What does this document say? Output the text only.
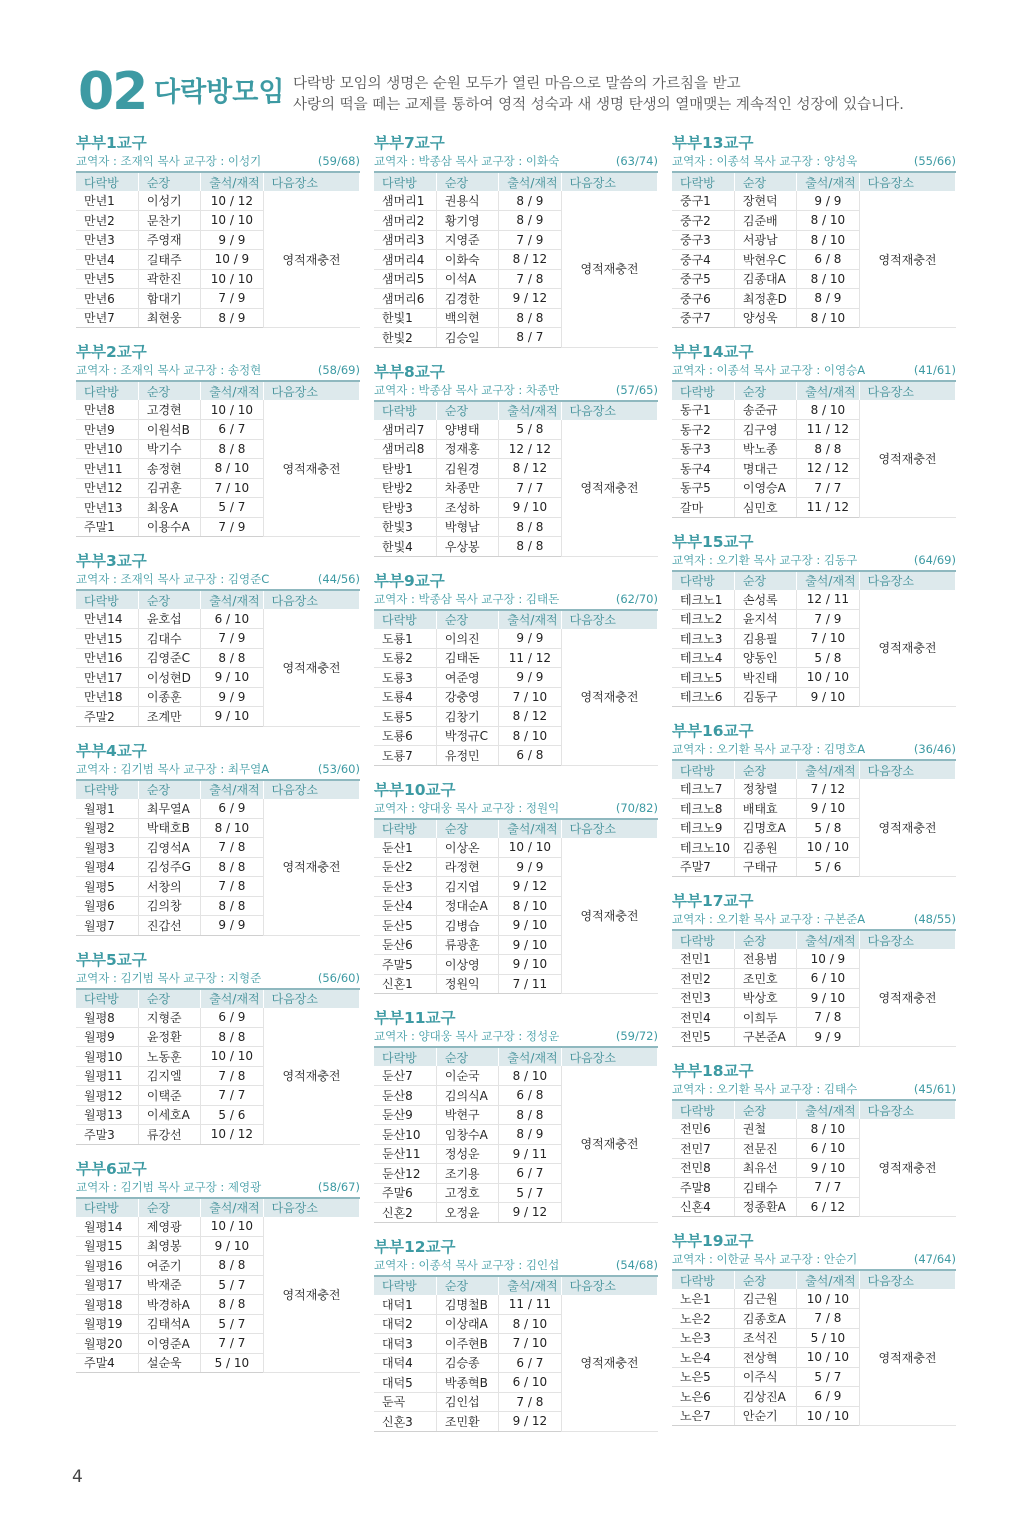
02 다락방모임 다락방 모임의 생명은 순원 모두가 열린 마음으로 말씀의 가르침을 받고
사랑의 떡을 떼는 교제를 통하여 영적 성숙과 새 생명 탄생의 열매맺는 계속적인 성장에 있습니다.
부부1교구
교역자 : 조재익 목사 교구장 : 이성기	(59/68)
다락방	순장	출석/재적	다음장소
만년1	이성기	10 / 12	영적재충전
만년2	문찬기	10 / 10	
만년3	주영재	9 / 9	
만년4	길태주	10 / 9	
만년5	곽한진	10 / 10	
만년6	함대기	7 / 9	
만년7	최현웅	8 / 9	
부부2교구
교역자 : 조재익 목사 교구장 : 송정현	(58/69)
다락방	순장	출석/재적	다음장소
만년8	고경현	10 / 10	영적재충전
만년9	이원석B	6 / 7	
만년10	박기수	8 / 8	
만년11	송정현	8 / 10	
만년12	김귀훈	7 / 10	
만년13	최웅A	5 / 7	
주말1	이용수A	7 / 9	
부부3교구
교역자 : 조재익 목사 교구장 : 김영준C	(44/56)
다락방	순장	출석/재적	다음장소
만년14	윤호섭	6 / 10	영적재충전
만년15	김대수	7 / 9	
만년16	김영준C	8 / 8	
만년17	이성현D	9 / 10	
만년18	이종훈	9 / 9	
주말2	조계만	9 / 10	
부부4교구
교역자 : 김기범 목사 교구장 : 최무열A	(53/60)
다락방	순장	출석/재적	다음장소
월평1	최무열A	6 / 9	영적재충전
월평2	박태호B	8 / 10	
월평3	김영석A	7 / 8	
월평4	김성주G	8 / 8	
월평5	서창의	7 / 8	
월평6	김의창	8 / 8	
월평7	진갑선	9 / 9	
부부5교구
교역자 : 김기범 목사 교구장 : 지형준	(56/60)
다락방	순장	출석/재적	다음장소
월평8	지형준	6 / 9	영적재충전
월평9	윤정환	8 / 8	
월평10	노동훈	10 / 10	
월평11	김지엘	7 / 8	
월평12	이택준	7 / 7	
월평13	이세호A	5 / 6	
주말3	류강선	10 / 12	
부부6교구
교역자 : 김기범 목사 교구장 : 제영광	(58/67)
다락방	순장	출석/재적	다음장소
월평14	제영광	10 / 10	영적재충전
월평15	최영봉	9 / 10	
월평16	여준기	8 / 8	
월평17	박재준	5 / 7	
월평18	박경하A	8 / 8	
월평19	김태석A	5 / 7	
월평20	이영준A	7 / 7	
주말4	설순욱	5 / 10	
부부7교구
교역자 : 박종삼 목사 교구장 : 이화숙	(63/74)
다락방	순장	출석/재적	다음장소
샘머리1	권용식	8 / 9	영적재충전
샘머리2	황기영	8 / 9	
샘머리3	지영준	7 / 9	
샘머리4	이화숙	8 / 12	
샘머리5	이석A	7 / 8	
샘머리6	김경한	9 / 12	
한빛1	백의현	8 / 8	
한빛2	김승일	8 / 7	
부부8교구
교역자 : 박종삼 목사 교구장 : 차종만	(57/65)
다락방	순장	출석/재적	다음장소
샘머리7	양병태	5 / 8	영적재충전
샘머리8	정재홍	12 / 12	
탄방1	김원경	8 / 12	
탄방2	차종만	7 / 7	
탄방3	조성하	9 / 10	
한빛3	박형남	8 / 8	
한빛4	우상봉	8 / 8	
부부9교구
교역자 : 박종삼 목사 교구장 : 김태돈	(62/70)
다락방	순장	출석/재적	다음장소
도룡1	이의진	9 / 9	영적재충전
도룡2	김태돈	11 / 12	
도룡3	여준영	9 / 9	
도룡4	강충영	7 / 10	
도룡5	김창기	8 / 12	
도룡6	박정규C	8 / 10	
도룡7	유정민	6 / 8	
부부10교구
교역자 : 양대웅 목사 교구장 : 정원익	(70/82)
다락방	순장	출석/재적	다음장소
둔산1	이상온	10 / 10	영적재충전
둔산2	라정현	9 / 9	
둔산3	김지엽	9 / 12	
둔산4	정대순A	8 / 10	
둔산5	김병습	9 / 10	
둔산6	류광훈	9 / 10	
주말5	이상영	9 / 10	
신혼1	정원익	7 / 11	
부부11교구
교역자 : 양대웅 목사 교구장 : 정성운	(59/72)
다락방	순장	출석/재적	다음장소
둔산7	이순국	8 / 10	영적재충전
둔산8	김의식A	6 / 8	
둔산9	박현구	8 / 8	
둔산10	임창수A	8 / 9	
둔산11	정성운	9 / 11	
둔산12	조기용	6 / 7	
주말6	고정호	5 / 7	
신혼2	오정윤	9 / 12	
부부12교구
교역자 : 이종석 목사 교구장 : 김인섭	(54/68)
다락방	순장	출석/재적	다음장소
대덕1	김명철B	11 / 11	영적재충전
대덕2	이상래A	8 / 10	
대덕3	이주현B	7 / 10	
대덕4	김승종	6 / 7	
대덕5	박종혁B	6 / 10	
둔곡	김인섭	7 / 8	
신혼3	조민환	9 / 12	
부부13교구
교역자 : 이종석 목사 교구장 : 양성욱	(55/66)
다락방	순장	출석/재적	다음장소
중구1	장현덕	9 / 9	영적재충전
중구2	김준배	8 / 10	
중구3	서광남	8 / 10	
중구4	박현우C	6 / 8	
중구5	김종대A	8 / 10	
중구6	최정훈D	8 / 9	
중구7	양성욱	8 / 10	
부부14교구
교역자 : 이종석 목사 교구장 : 이영승A	(41/61)
다락방	순장	출석/재적	다음장소
동구1	송준규	8 / 10	영적재충전
동구2	김구영	11 / 12	
동구3	박노종	8 / 8	
동구4	명대근	12 / 12	
동구5	이영승A	7 / 7	
갈마	심민호	11 / 12	
부부15교구
교역자 : 오기환 목사 교구장 : 김동구	(64/69)
다락방	순장	출석/재적	다음장소
테크노1	손성록	12 / 11	영적재충전
테크노2	윤지석	7 / 9	
테크노3	김용필	7 / 10	
테크노4	양동인	5 / 8	
테크노5	박진태	10 / 10	
테크노6	김동구	9 / 10	
부부16교구
교역자 : 오기환 목사 교구장 : 김명호A	(36/46)
다락방	순장	출석/재적	다음장소
테크노7	정창렬	7 / 12	영적재충전
테크노8	배태효	9 / 10	
테크노9	김명호A	5 / 8	
테크노10	김종원	10 / 10	
주말7	구태규	5 / 6	
부부17교구
교역자 : 오기환 목사 교구장 : 구본준A	(48/55)
다락방	순장	출석/재적	다음장소
전민1	전용범	10 / 9	영적재충전
전민2	조민호	6 / 10	
전민3	박상호	9 / 10	
전민4	이희두	7 / 8	
전민5	구본준A	9 / 9	
부부18교구
교역자 : 오기환 목사 교구장 : 김태수	(45/61)
다락방	순장	출석/재적	다음장소
전민6	권철	8 / 10	영적재충전
전민7	전문진	6 / 10	
전민8	최유선	9 / 10	
주말8	김태수	7 / 7	
신혼4	정종환A	6 / 12	
부부19교구
교역자 : 이한균 목사 교구장 : 안순기	(47/64)
다락방	순장	출석/재적	다음장소
노은1	김근원	10 / 10	영적재충전
노은2	김종호A	7 / 8	
노은3	조석진	5 / 10	
노은4	전상혁	10 / 10	
노은5	이주식	5 / 7	
노은6	김상진A	6 / 9	
노은7	안순기	10 / 10	
4
